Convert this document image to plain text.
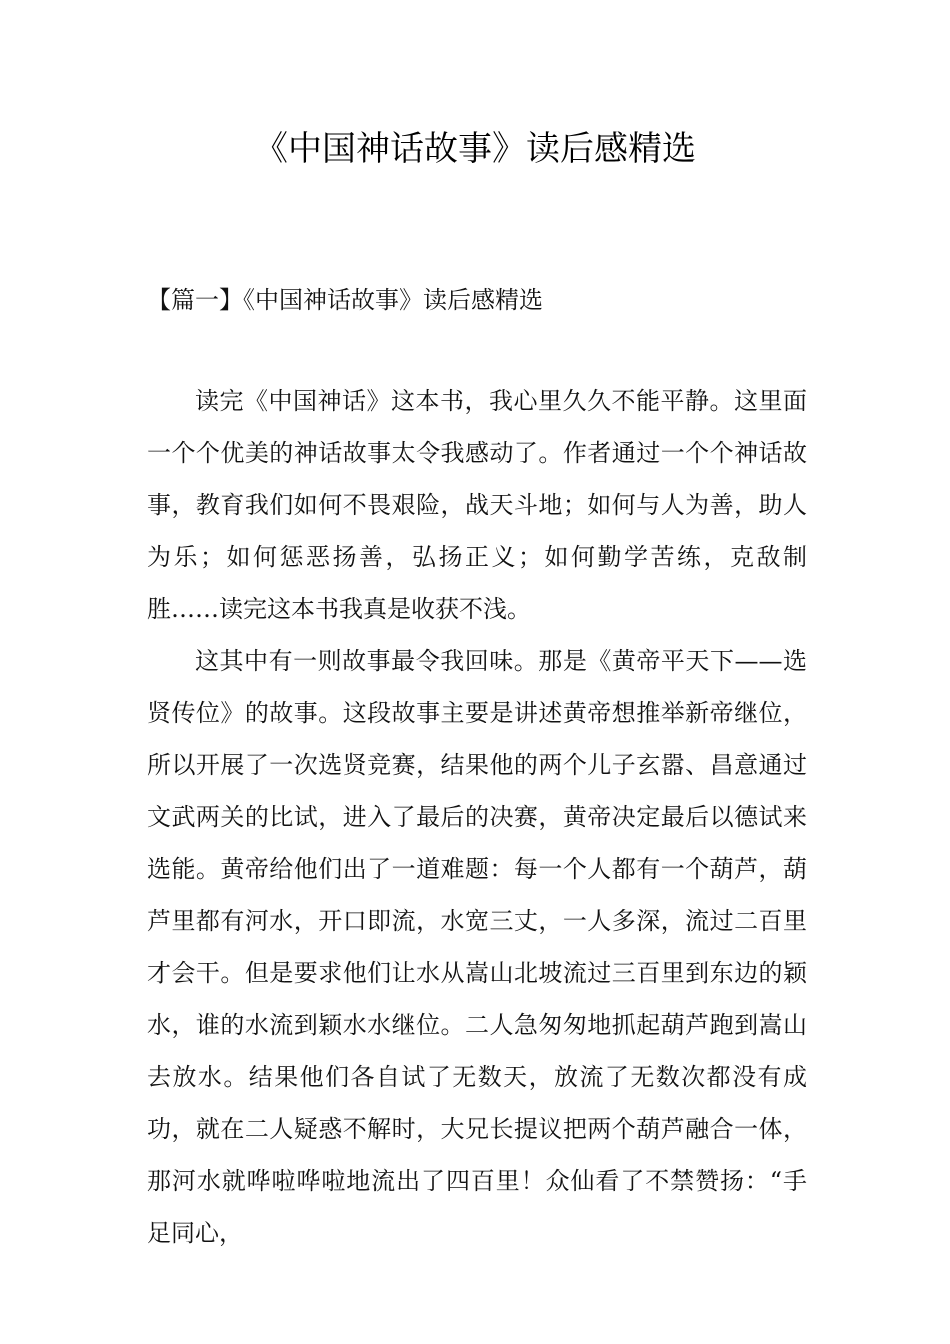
《中国神话故事》读后感精选
【篇一】《中国神话故事》读后感精选

读完《中国神话》这本书，我心里久久不能平静。这里面一个个优美的神话故事太令我感动了。作者通过一个个神话故事，教育我们如何不畏艰险，战天斗地；如何与人为善，助人为乐；如何惩恶扬善，弘扬正义；如何勤学苦练，克敌制胜……读完这本书我真是收获不浅。

这其中有一则故事最令我回味。那是《黄帝平天下——选贤传位》的故事。这段故事主要是讲述黄帝想推举新帝继位，所以开展了一次选贤竞赛，结果他的两个儿子玄嚣、昌意通过文武两关的比试，进入了最后的决赛，黄帝决定最后以德试来选能。黄帝给他们出了一道难题：每一个人都有一个葫芦，葫芦里都有河水，开口即流，水宽三丈，一人多深，流过二百里才会干。但是要求他们让水从嵩山北坡流过三百里到东边的颖水，谁的水流到颖水水继位。二人急匆匆地抓起葫芦跑到嵩山去放水。结果他们各自试了无数天，放流了无数次都没有成功，就在二人疑惑不解时，大兄长提议把两个葫芦融合一体，那河水就哗啦哗啦地流出了四百里！众仙看了不禁赞扬：“手足同心，
